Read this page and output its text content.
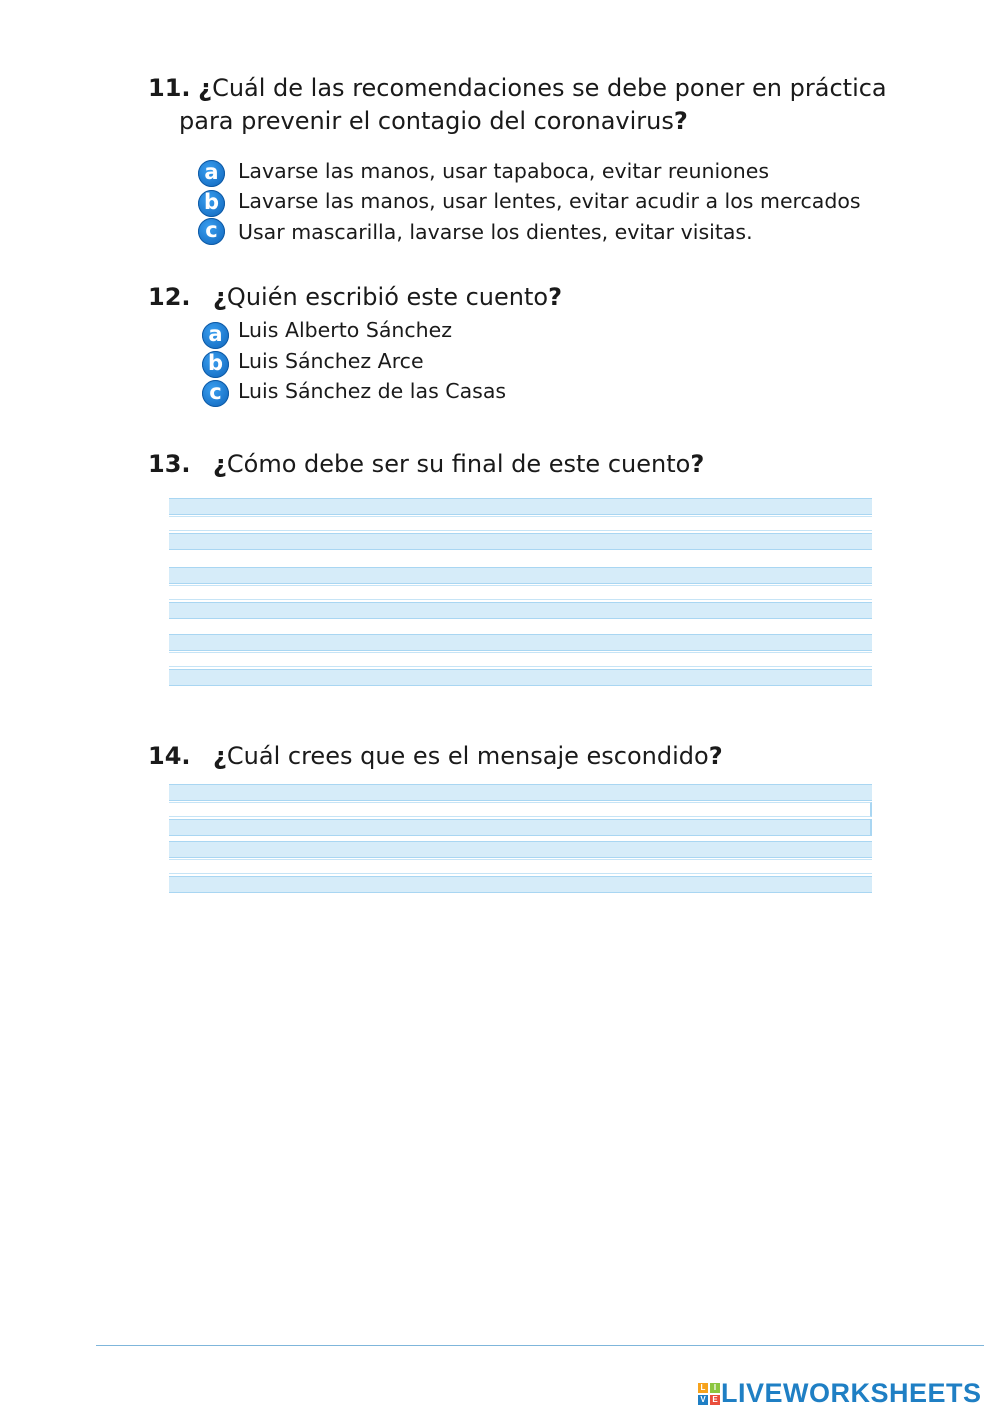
11. ¿Cuál de las recomendaciones se debe poner en práctica
para prevenir el contagio del coronavirus?
a Lavarse las manos, usar tapaboca, evitar reuniones
b Lavarse las manos, usar lentes, evitar acudir a los mercados
c Usar mascarilla, lavarse los dientes, evitar visitas.
12. ¿Quién escribió este cuento?
a Luis Alberto Sánchez
b Luis Sánchez Arce
c Luis Sánchez de las Casas
13. ¿Cómo debe ser su final de este cuento?
14. ¿Cuál crees que es el mensaje escondido?
L	I
V E LIVEWORKSHEETS
